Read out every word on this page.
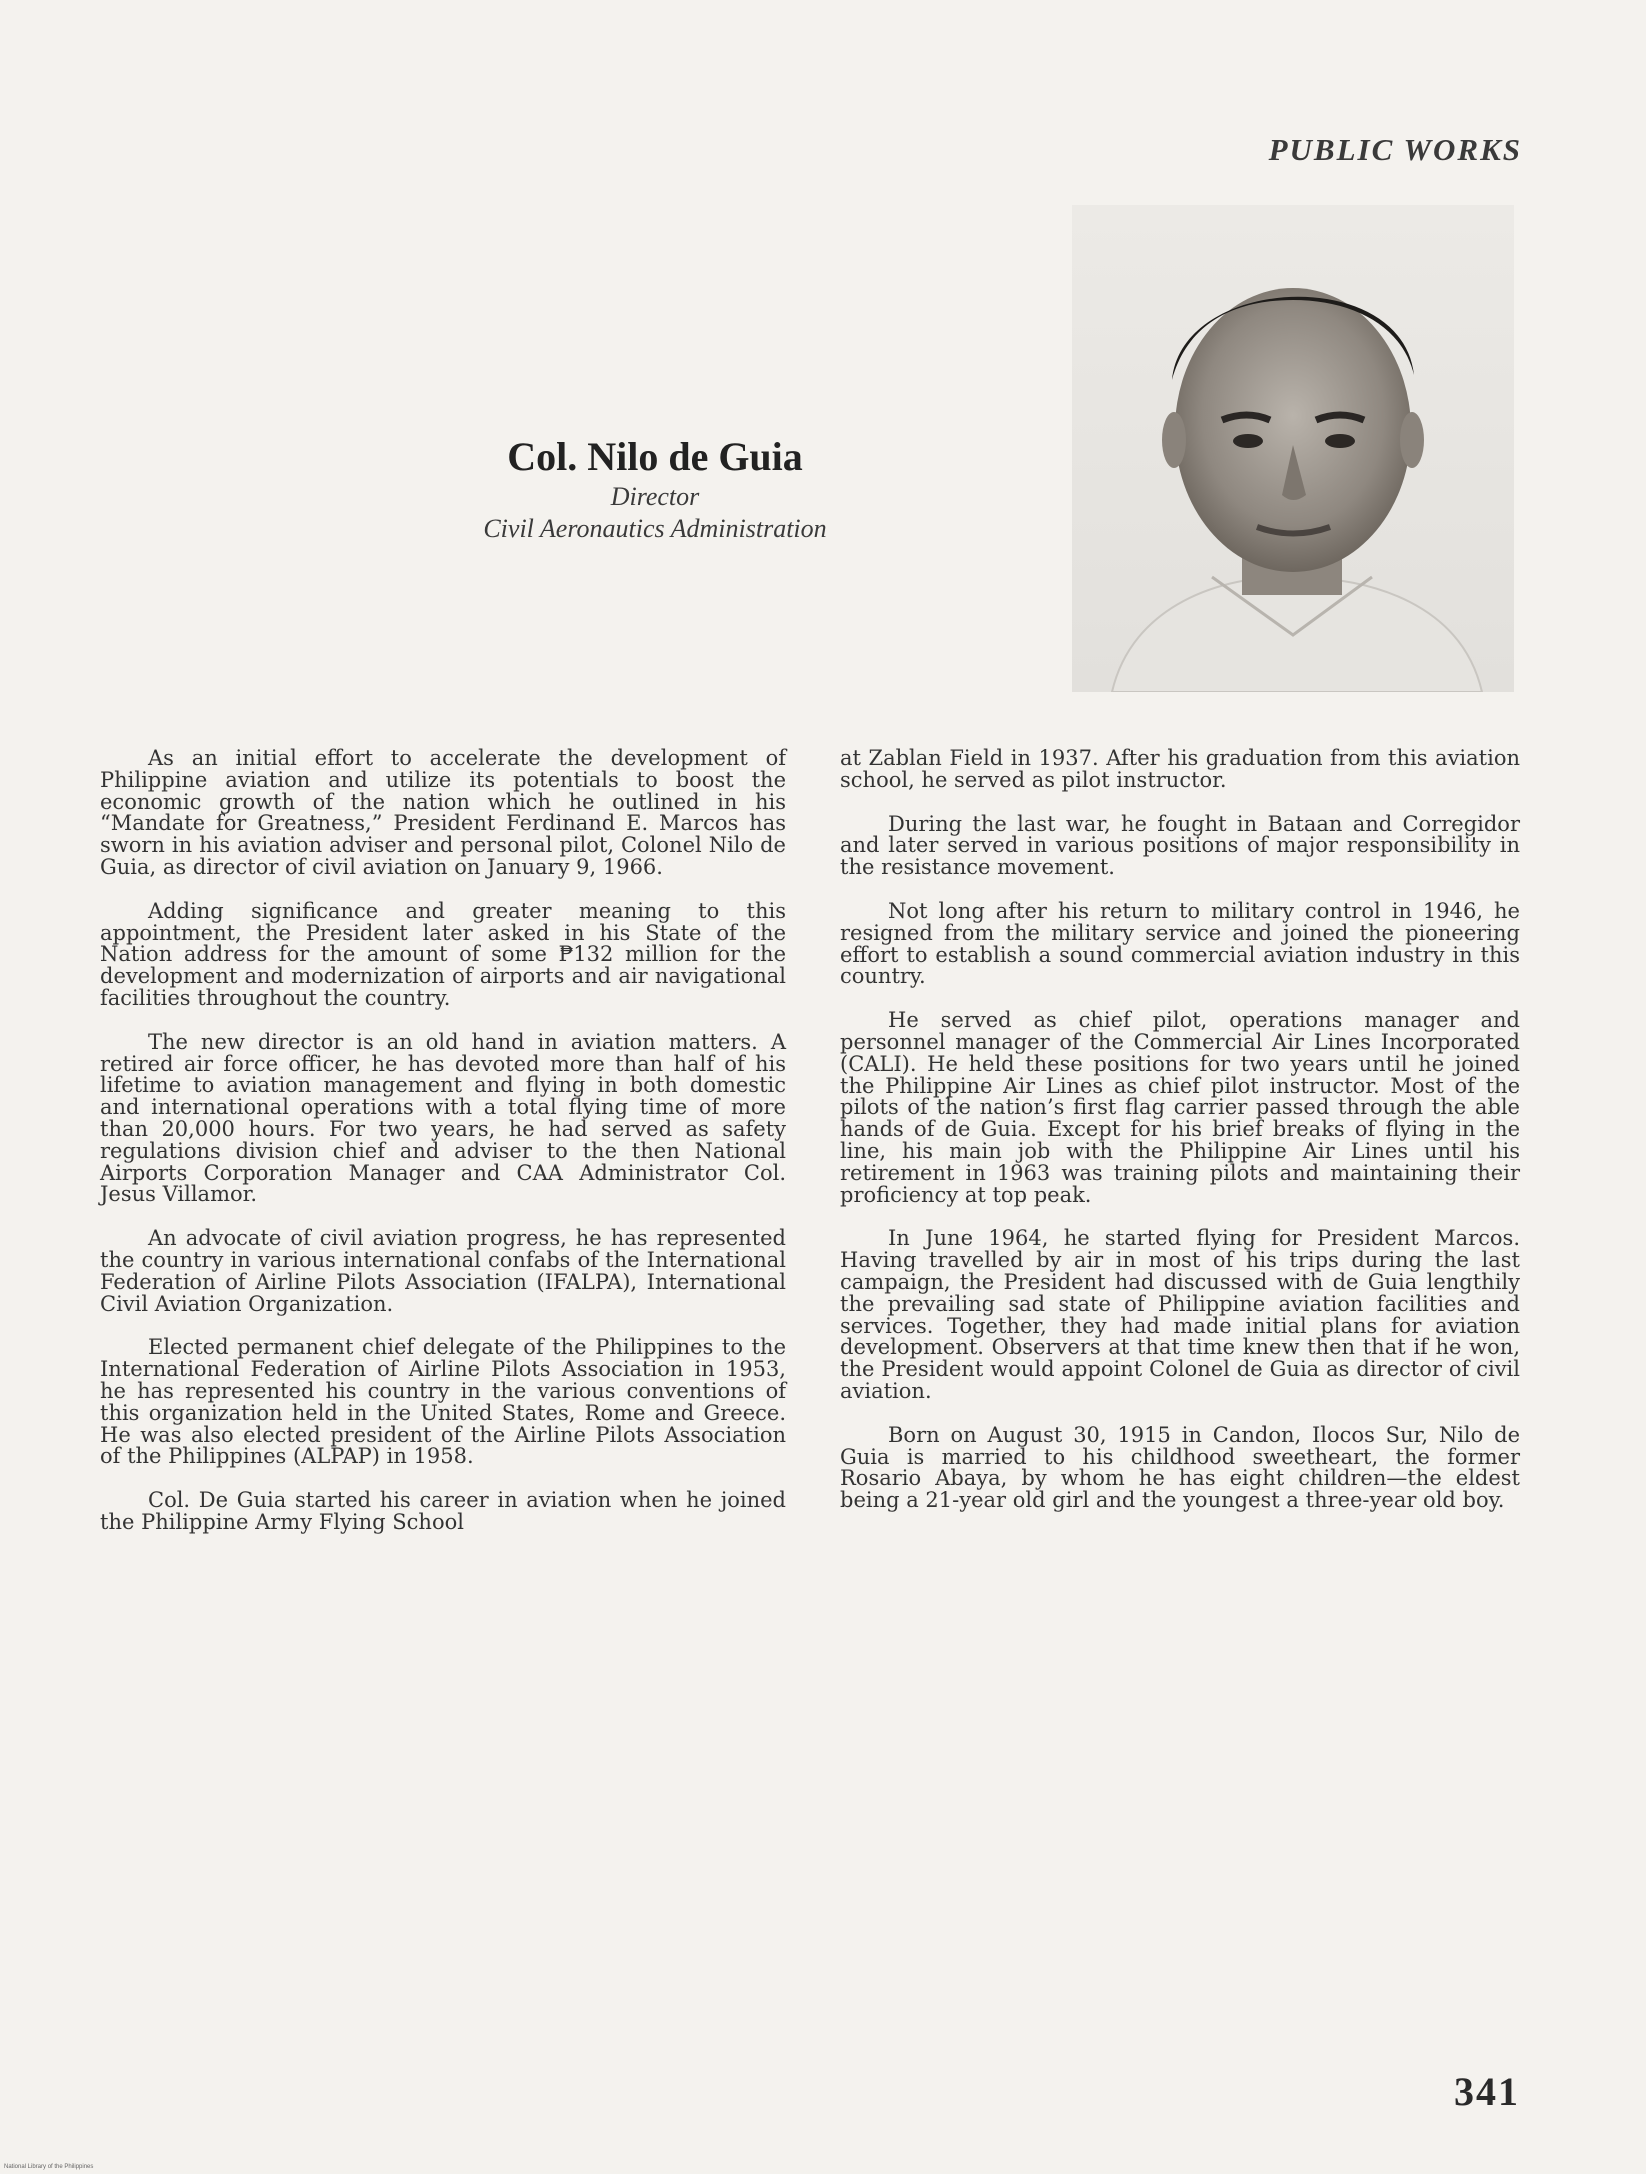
PUBLIC WORKS
Col. Nilo de Guia
Director
Civil Aeronautics Administration

As an initial effort to accelerate the development of Philippine aviation and utilize its potentials to boost the economic growth of the nation which he outlined in his “Mandate for Greatness,” President Ferdinand E. Marcos has sworn in his aviation adviser and personal pilot, Colonel Nilo de Guia, as director of civil aviation on January 9, 1966.

Adding significance and greater meaning to this appointment, the President later asked in his State of the Nation address for the amount of some ₱132 million for the development and modernization of airports and air navigational facilities throughout the country.

The new director is an old hand in aviation matters. A retired air force officer, he has devoted more than half of his lifetime to aviation management and flying in both domestic and international operations with a total flying time of more than 20,000 hours. For two years, he had served as safety regulations division chief and adviser to the then National Airports Corporation Manager and CAA Administrator Col. Jesus Villamor.

An advocate of civil aviation progress, he has represented the country in various international confabs of the International Federation of Airline Pilots Association (IFALPA), International Civil Aviation Organization.

Elected permanent chief delegate of the Philippines to the International Federation of Airline Pilots Association in 1953, he has represented his country in the various conventions of this organization held in the United States, Rome and Greece. He was also elected president of the Airline Pilots Association of the Philippines (ALPAP) in 1958.

Col. De Guia started his career in aviation when he joined the Philippine Army Flying School

at Zablan Field in 1937. After his graduation from this aviation school, he served as pilot instructor.

During the last war, he fought in Bataan and Corregidor and later served in various positions of major responsibility in the resistance movement.

Not long after his return to military control in 1946, he resigned from the military service and joined the pioneering effort to establish a sound commercial aviation industry in this country.

He served as chief pilot, operations manager and personnel manager of the Commercial Air Lines Incorporated (CALI). He held these positions for two years until he joined the Philippine Air Lines as chief pilot instructor. Most of the pilots of the nation’s first flag carrier passed through the able hands of de Guia. Except for his brief breaks of flying in the line, his main job with the Philippine Air Lines until his retirement in 1963 was training pilots and maintaining their proficiency at top peak.

In June 1964, he started flying for President Marcos. Having travelled by air in most of his trips during the last campaign, the President had discussed with de Guia lengthily the prevailing sad state of Philippine aviation facilities and services. Together, they had made initial plans for aviation development. Observers at that time knew then that if he won, the President would appoint Colonel de Guia as director of civil aviation.

Born on August 30, 1915 in Candon, Ilocos Sur, Nilo de Guia is married to his childhood sweetheart, the former Rosario Abaya, by whom he has eight children—the eldest being a 21-year old girl and the youngest a three-year old boy.

341
National Library of the Philippines
